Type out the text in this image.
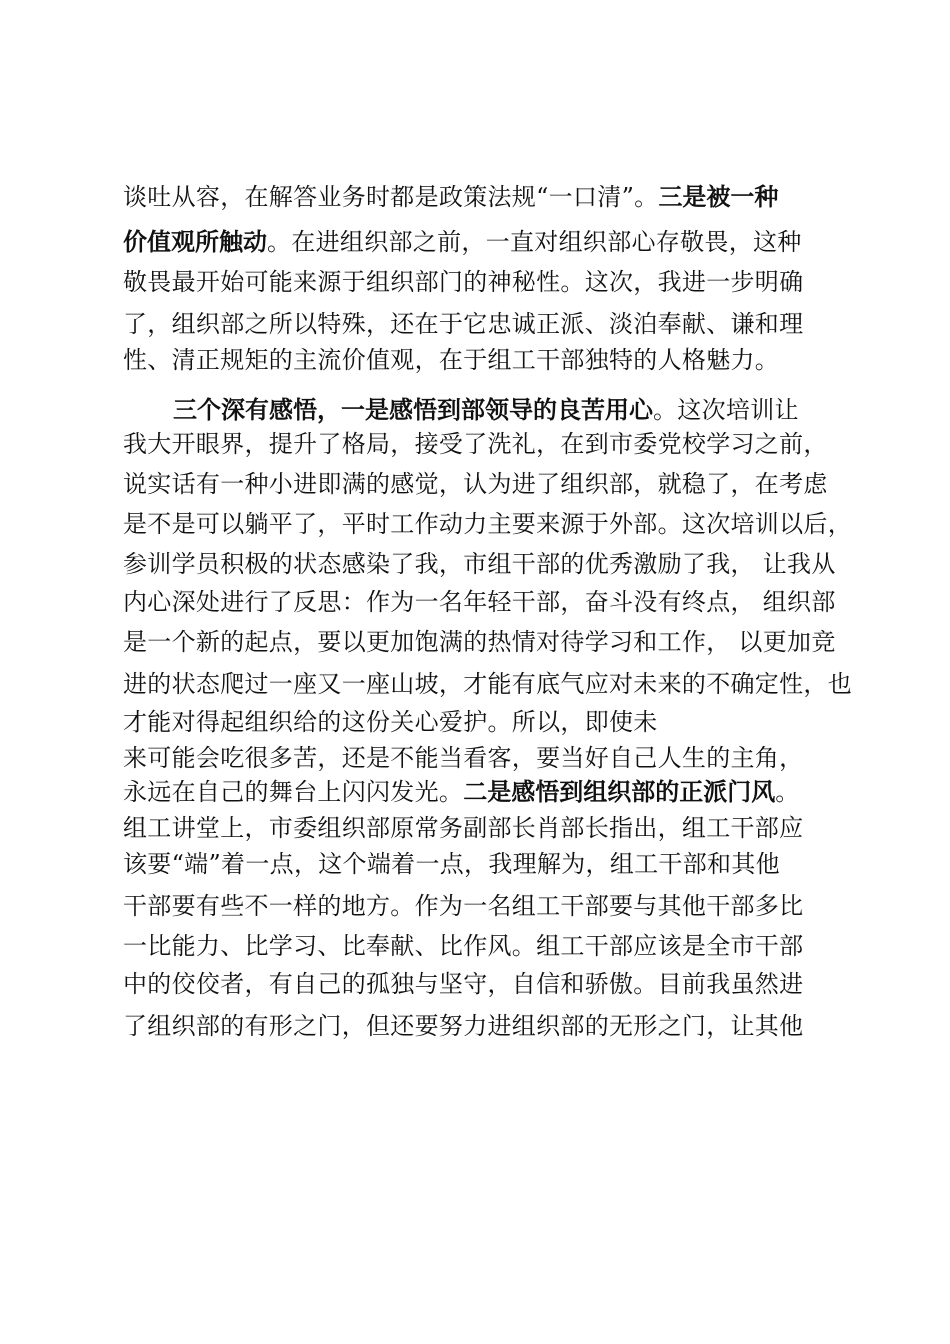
谈吐从容，在解答业务时都是政策法规“一口清”。三是被一种
价值观所触动。在进组织部之前，一直对组织部心存敬畏，这种
敬畏最开始可能来源于组织部门的神秘性。这次，我进一步明确
了，组织部之所以特殊，还在于它忠诚正派、淡泊奉献、谦和理
性、清正规矩的主流价值观，在于组工干部独特的人格魅力。
三个深有感悟，一是感悟到部领导的良苦用心。这次培训让
我大开眼界，提升了格局，接受了洗礼，在到市委党校学习之前，
说实话有一种小进即满的感觉，认为进了组织部，就稳了，在考虑
是不是可以躺平了，平时工作动力主要来源于外部。这次培训以后，
参训学员积极的状态感染了我，市组干部的优秀激励了我， 让我从
内心深处进行了反思：作为一名年轻干部，奋斗没有终点， 组织部
是一个新的起点，要以更加饱满的热情对待学习和工作， 以更加竞
进的状态爬过一座又一座山坡，才能有底气应对未来的不确定性，也
才能对得起组织给的这份关心爱护。所以，即使未
来可能会吃很多苦，还是不能当看客，要当好自己人生的主角，
永远在自己的舞台上闪闪发光。二是感悟到组织部的正派门风。
组工讲堂上，市委组织部原常务副部长肖部长指出，组工干部应
该要“端”着一点，这个端着一点，我理解为，组工干部和其他
干部要有些不一样的地方。作为一名组工干部要与其他干部多比
一比能力、比学习、比奉献、比作风。组工干部应该是全市干部
中的佼佼者，有自己的孤独与坚守，自信和骄傲。目前我虽然进
了组织部的有形之门，但还要努力进组织部的无形之门，让其他
